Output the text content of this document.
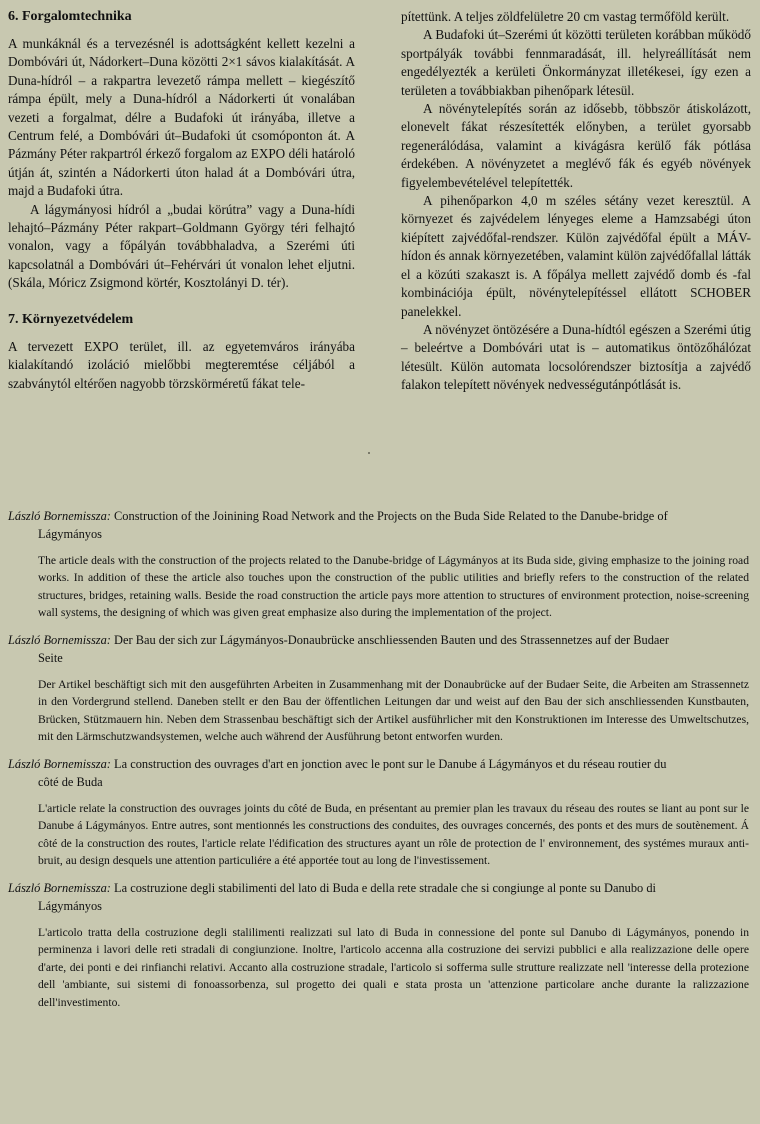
6. Forgalomtechnika

A munkáknál és a tervezésnél is adottságként kellett kezelni a Dombóvári út, Nádorkert–Duna közötti 2×1 sávos kialakítását. A Duna-hídról – a rakpartra levezető rámpa mellett – kiegészítő rámpa épült, mely a Duna-hídról a Nádorkerti út vonalában vezeti a forgalmat, délre a Budafoki út irányába, illetve a Centrum felé, a Dombóvári út–Budafoki út csomóponton át. A Pázmány Péter rakpartról érkező forgalom az EXPO déli határoló útján át, szintén a Nádorkerti úton halad át a Dombóvári útra, majd a Budafoki útra.

A lágymányosi hídról a „budai körútra” vagy a Duna-hídi lehajtó–Pázmány Péter rakpart–Goldmann György téri felhajtó vonalon, vagy a főpályán továbbhaladva, a Szerémi úti kapcsolatnál a Dombóvári út–Fehérvári út vonalon lehet eljutni. (Skála, Móricz Zsigmond körtér, Kosztolányi D. tér).

7. Környezetvédelem

A tervezett EXPO terület, ill. az egyetemváros irányába kialakítandó izoláció mielőbbi megteremtése céljából a szabványtól eltérően nagyobb törzskörméretű fákat tele-

pítettünk. A teljes zöldfelületre 20 cm vastag termőföld került.

A Budafoki út–Szerémi út közötti területen korábban működő sportpályák további fennmaradását, ill. helyreállítását nem engedélyezték a kerületi Önkormányzat illetékesei, így ezen a területen a továbbiakban pihenőpark létesül.

A növénytelepítés során az idősebb, többször átiskolázott, elonevelt fákat részesítették előnyben, a terület gyorsabb regenerálódása, valamint a kivágásra kerülő fák pótlása érdekében. A növényzetet a meglévő fák és egyéb növények figyelembevételével telepítették.

A pihenőparkon 4,0 m széles sétány vezet keresztül. A környezet és zajvédelem lényeges eleme a Hamzsabégi úton kiépített zajvédőfal-rendszer. Külön zajvédőfal épült a MÁV-hídon és annak környezetében, valamint külön zajvédőfallal látták el a közúti szakaszt is. A főpálya mellett zajvédő domb és -fal kombinációja épült, növénytelepítéssel ellátott SCHOBER panelekkel.

A növényzet öntözésére a Duna-hídtól egészen a Szerémi útig – beleértve a Dombóvári utat is – automatikus öntözőhálózat létesült. Külön automata locsolórendszer biztosítja a zajvédő falakon telepített növények nedvességutánpótlását is.

László Bornemissza: Construction of the Joinining Road Network and the Projects on the Buda Side Related to the Danube-bridge of
Lágymányos

The article deals with the construction of the projects related to the Danube-bridge of Lágymányos at its Buda side, giving emphasize to the joining road works. In addition of these the article also touches upon the construction of the public utilities and briefly refers to the construction of the related structures, bridges, retaining walls. Beside the road construction the article pays more attention to structures of environment protection, noise-screening wall systems, the designing of which was given great emphasize also during the implementation of the project.

László Bornemissza: Der Bau der sich zur Lágymányos-Donaubrücke anschliessenden Bauten und des Strassennetzes auf der Budaer
Seite

Der Artikel beschäftigt sich mit den ausgeführten Arbeiten in Zusammenhang mit der Donaubrücke auf der Budaer Seite, die Arbeiten am Strassennetz in den Vordergrund stellend. Daneben stellt er den Bau der öffentlichen Leitungen dar und weist auf den Bau der sich anschliessenden Kunstbauten, Brücken, Stützmauern hin. Neben dem Strassenbau beschäftigt sich der Artikel ausführlicher mit den Konstruktionen im Interesse des Umweltschutzes, mit den Lärmschutzwandsystemen, welche auch während der Ausführung betont entworfen wurden.

László Bornemissza: La construction des ouvrages d'art en jonction avec le pont sur le Danube á Lágymányos et du réseau routier du
côté de Buda

L'article relate la construction des ouvrages joints du côté de Buda, en présentant au premier plan les travaux du réseau des routes se liant au pont sur le Danube á Lágymányos. Entre autres, sont mentionnés les constructions des conduites, des ouvrages concernés, des ponts et des murs de soutènement. Á côté de la construction des routes, l'article relate l'édification des structures ayant un rôle de protection de l' environnement, des systémes muraux anti-bruit, au design desquels une attention particuliére a été apportée tout au long de l'investissement.

László Bornemissza: La costruzione degli stabilimenti del lato di Buda e della rete stradale che si congiunge al ponte su Danubo di
Lágymányos

L'articolo tratta della costruzione degli stalilimenti realizzati sul lato di Buda in connessione del ponte sul Danubo di Lágymányos, ponendo in perminenza i lavori delle reti stradali di congiunzione. Inoltre, l'articolo accenna alla costruzione dei servizi pubblici e alla realizzazione delle opere d'arte, dei ponti e dei rinfianchi relativi. Accanto alla costruzione stradale, l'articolo si sofferma sulle strutture realizzate nell 'interesse della protezione dell 'ambiante, sui sistemi di fonoassorbenza, sul progetto dei quali e stata prosta un 'attenzione particolare anche durante la ralizzazione dell'investimento.
